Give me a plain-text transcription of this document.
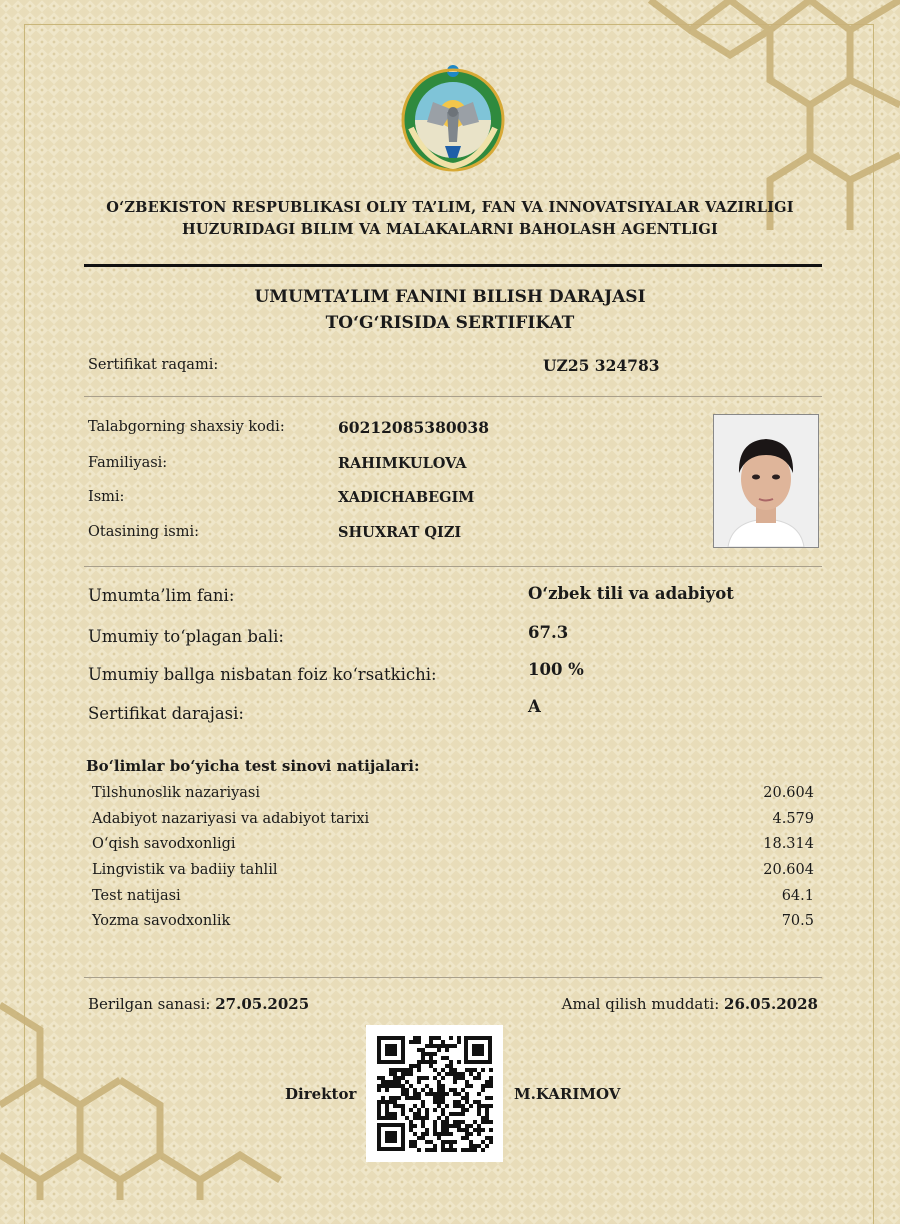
O‘ZBEKISTON RESPUBLIKASI OLIY TA’LIM, FAN VA INNOVATSIYALAR VAZIRLIGI
HUZURIDAGI BILIM VA MALAKALARNI BAHOLASH AGENTLIGI
UMUMTA’LIM FANINI BILISH DARAJASI
TO‘G‘RISIDA SERTIFIKAT
Sertifikat raqami:	UZ25 324783
Talabgorning shaxsiy kodi:	60212085380038
Familiyasi:	RAHIMKULOVA
Ismi:	XADICHABEGIM
Otasining ismi:	SHUXRAT QIZI
Umumta’lim fani:	O‘zbek tili va adabiyot
Umumiy to‘plagan bali:	67.3
Umumiy ballga nisbatan foiz ko‘rsatkichi:	100 %
Sertifikat darajasi:	A
Bo‘limlar bo‘yicha test sinovi natijalari:
Tilshunoslik nazariyasi	20.604
Adabiyot nazariyasi va adabiyot tarixi	4.579
O‘qish savodxonligi	18.314
Lingvistik va badiiy tahlil	20.604
Test natijasi	64.1
Yozma savodxonlik	70.5
Berilgan sanasi: 27.05.2025	Amal qilish muddati: 26.05.2028
Direktor	M.KARIMOV
